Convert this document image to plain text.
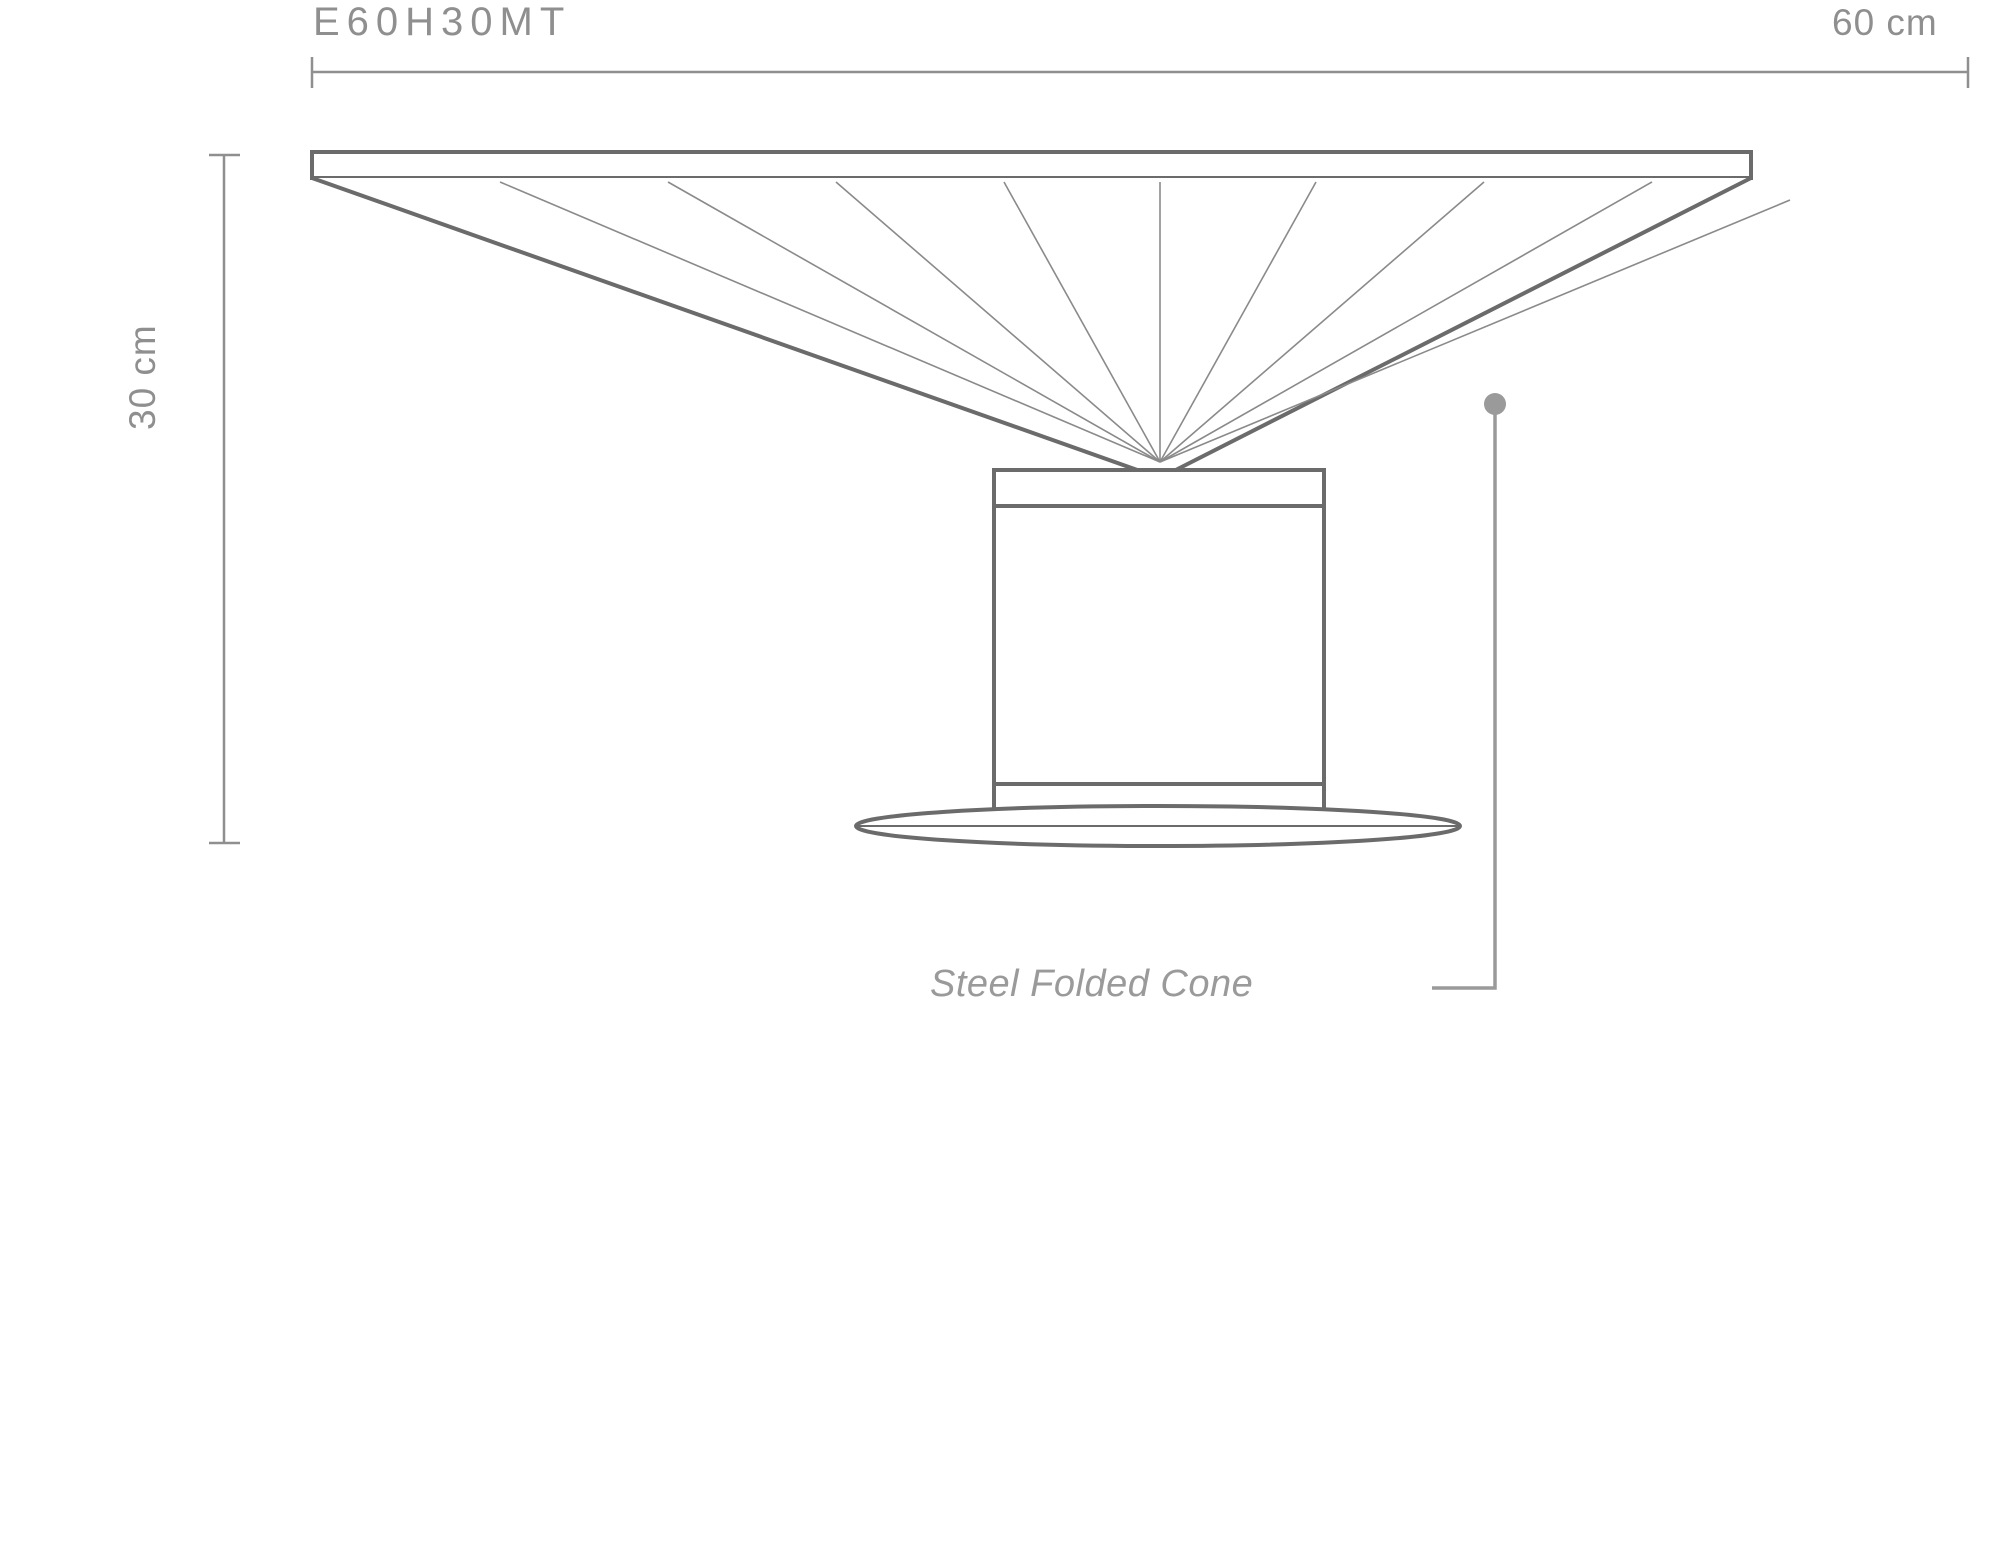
E60H30MT	60 cm
30 cm
Steel Folded Cone
